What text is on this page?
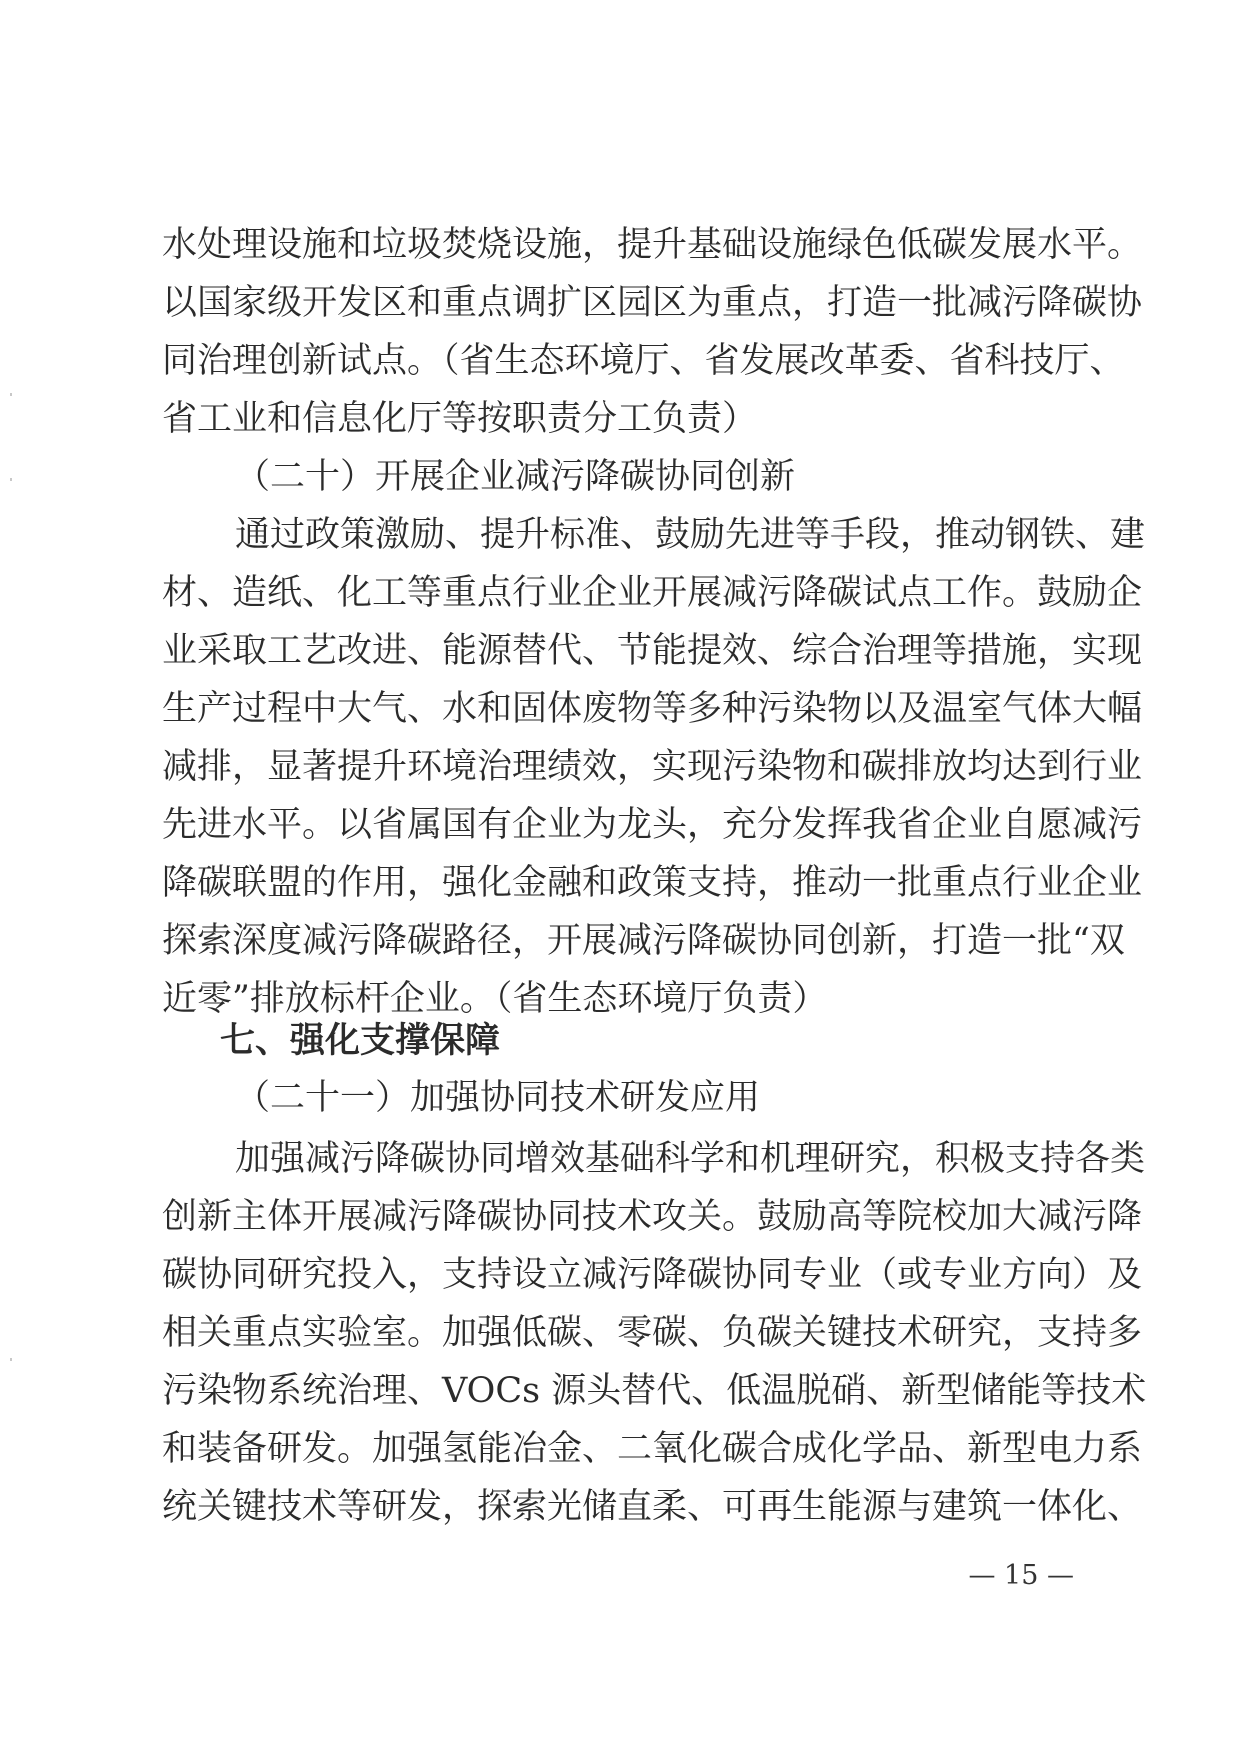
水处理设施和垃圾焚烧设施，提升基础设施绿色低碳发展水平。
以国家级开发区和重点调扩区园区为重点，打造一批减污降碳协
同治理创新试点。（省生态环境厅、省发展改革委、省科技厅、
省工业和信息化厅等按职责分工负责）
（二十）开展企业减污降碳协同创新
通过政策激励、提升标准、鼓励先进等手段，推动钢铁、建
材、造纸、化工等重点行业企业开展减污降碳试点工作。鼓励企
业采取工艺改进、能源替代、节能提效、综合治理等措施，实现
生产过程中大气、水和固体废物等多种污染物以及温室气体大幅
减排，显著提升环境治理绩效，实现污染物和碳排放均达到行业
先进水平。以省属国有企业为龙头，充分发挥我省企业自愿减污
降碳联盟的作用，强化金融和政策支持，推动一批重点行业企业
探索深度减污降碳路径，开展减污降碳协同创新，打造一批“双
近零”排放标杆企业。（省生态环境厅负责）
七、强化支撑保障
（二十一）加强协同技术研发应用
加强减污降碳协同增效基础科学和机理研究，积极支持各类
创新主体开展减污降碳协同技术攻关。鼓励高等院校加大减污降
碳协同研究投入，支持设立减污降碳协同专业（或专业方向）及
相关重点实验室。加强低碳、零碳、负碳关键技术研究，支持多
污染物系统治理、VOCs 源头替代、低温脱硝、新型储能等技术
和装备研发。加强氢能冶金、二氧化碳合成化学品、新型电力系
统关键技术等研发，探索光储直柔、可再生能源与建筑一体化、
— 15 —
